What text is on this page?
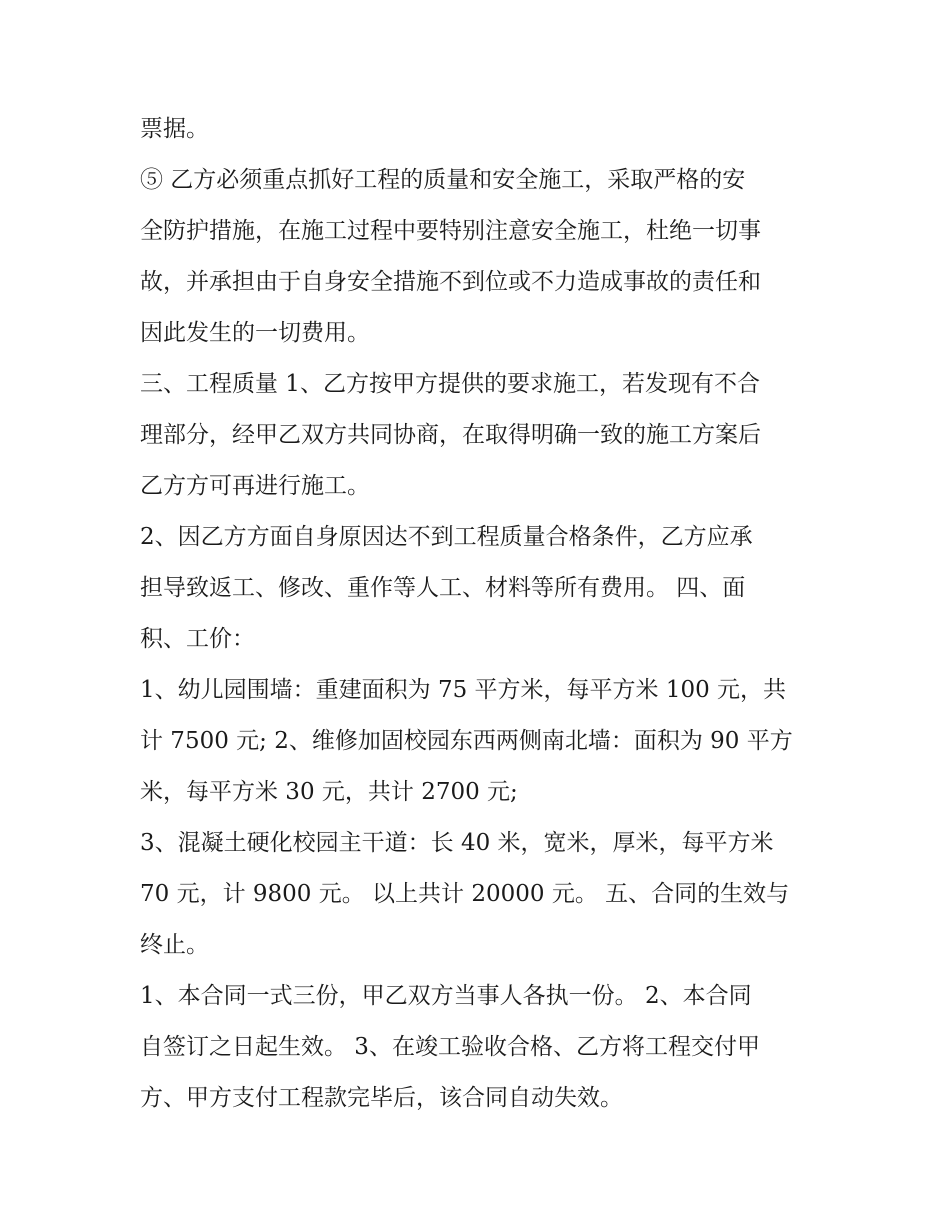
票据。
⑤ 乙方必须重点抓好工程的质量和安全施工，采取严格的安
全防护措施，在施工过程中要特别注意安全施工，杜绝一切事
故，并承担由于自身安全措施不到位或不力造成事故的责任和
因此发生的一切费用。
三、工程质量 1、乙方按甲方提供的要求施工，若发现有不合
理部分，经甲乙双方共同协商，在取得明确一致的施工方案后
乙方方可再进行施工。
2、因乙方方面自身原因达不到工程质量合格条件，乙方应承
担导致返工、修改、重作等人工、材料等所有费用。 四、面
积、工价：
1、幼儿园围墙：重建面积为 75 平方米，每平方米 100 元，共
计 7500 元; 2、维修加固校园东西两侧南北墙：面积为 90 平方
米，每平方米 30 元，共计 2700 元;
3、混凝土硬化校园主干道：长 40 米，宽米，厚米，每平方米
70 元，计 9800 元。 以上共计 20000 元。 五、合同的生效与
终止。
1、本合同一式三份，甲乙双方当事人各执一份。 2、本合同
自签订之日起生效。 3、在竣工验收合格、乙方将工程交付甲
方、甲方支付工程款完毕后，该合同自动失效。
